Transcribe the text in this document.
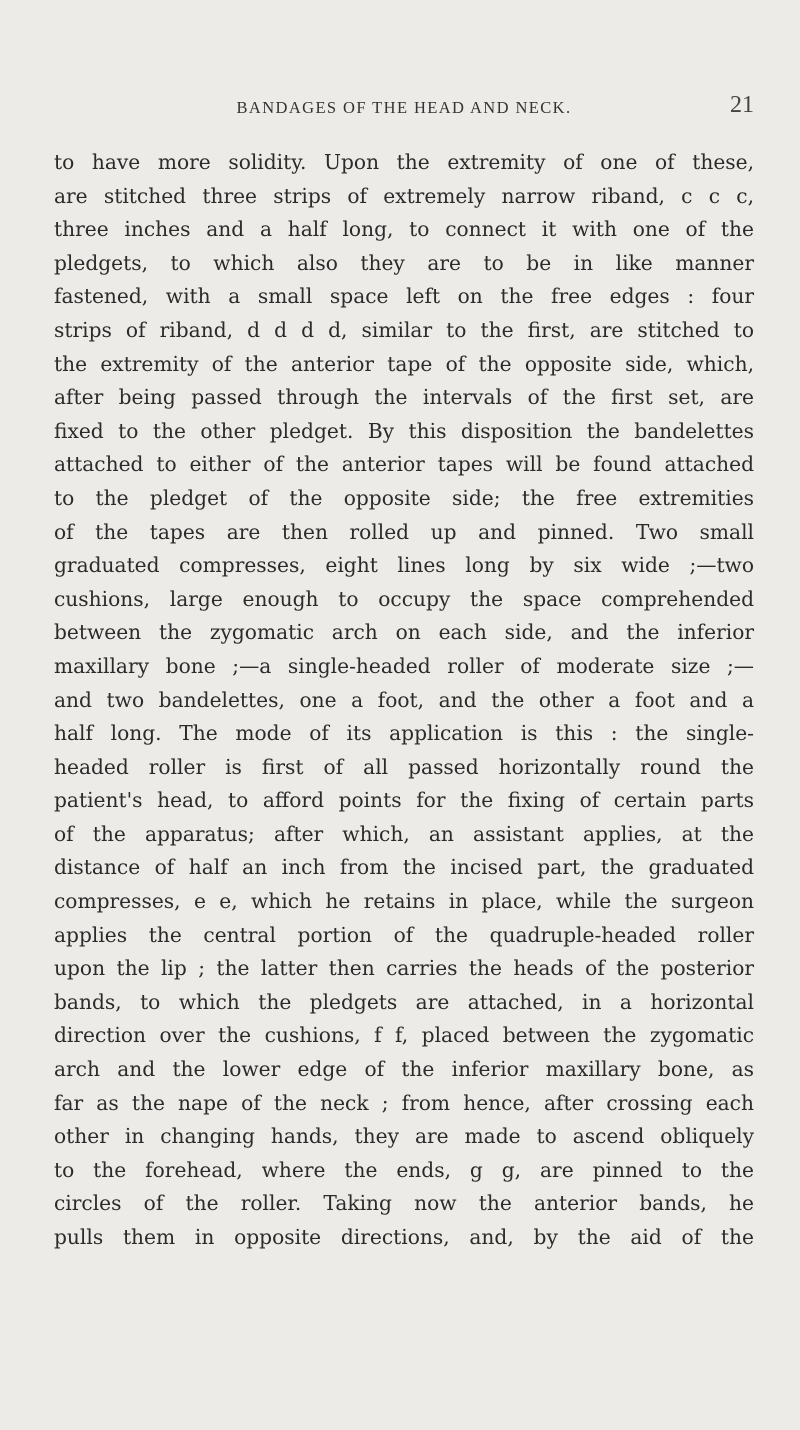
BANDAGES OF THE HEAD AND NECK.	21
to have more solidity. Upon the extremity of one of these,
are stitched three strips of extremely narrow riband, c c c,
three inches and a half long, to connect it with one of the
pledgets, to which also they are to be in like manner
fastened, with a small space left on the free edges : four
strips of riband, d d d d, similar to the first, are stitched to
the extremity of the anterior tape of the opposite side, which,
after being passed through the intervals of the first set, are
fixed to the other pledget. By this disposition the bandelettes
attached to either of the anterior tapes will be found attached
to the pledget of the opposite side; the free extremities
of the tapes are then rolled up and pinned. Two small
graduated compresses, eight lines long by six wide ;—two
cushions, large enough to occupy the space comprehended
between the zygomatic arch on each side, and the inferior
maxillary bone ;—a single-headed roller of moderate size ;—
and two bandelettes, one a foot, and the other a foot and a
half long. The mode of its application is this : the single-
headed roller is first of all passed horizontally round the
patient's head, to afford points for the fixing of certain parts
of the apparatus; after which, an assistant applies, at the
distance of half an inch from the incised part, the graduated
compresses, e e, which he retains in place, while the surgeon
applies the central portion of the quadruple-headed roller
upon the lip ; the latter then carries the heads of the posterior
bands, to which the pledgets are attached, in a horizontal
direction over the cushions, f f, placed between the zygomatic
arch and the lower edge of the inferior maxillary bone, as
far as the nape of the neck ; from hence, after crossing each
other in changing hands, they are made to ascend obliquely
to the forehead, where the ends, g g, are pinned to the
circles of the roller. Taking now the anterior bands, he
pulls them in opposite directions, and, by the aid of the
